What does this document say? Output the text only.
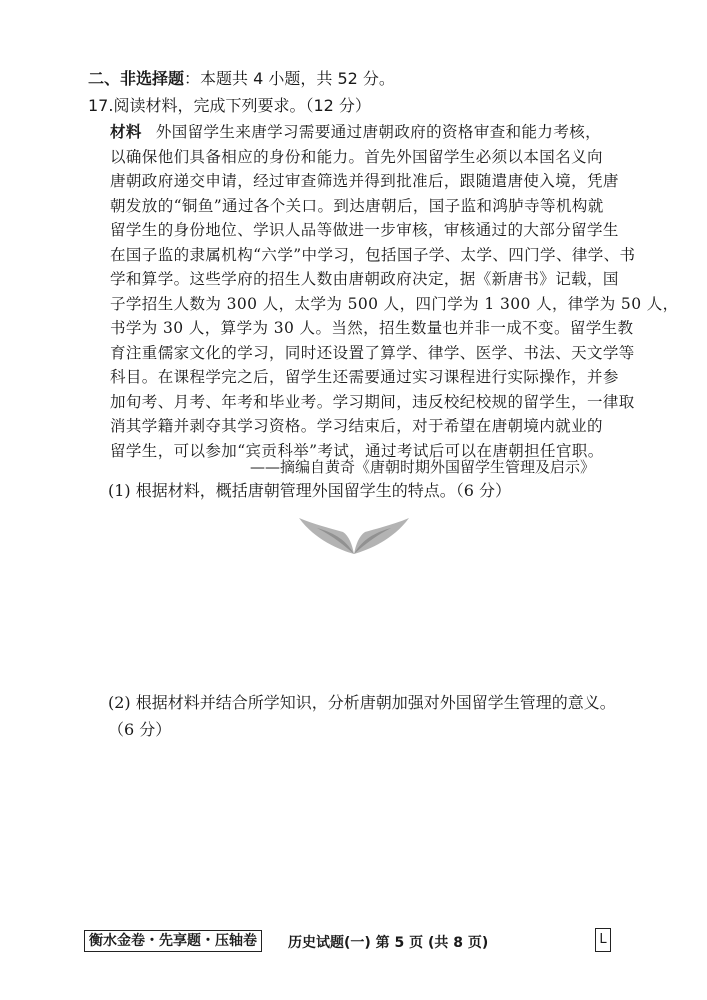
二、非选择题：本题共 4 小题，共 52 分。
17.阅读材料，完成下列要求。（12 分）
材料 外国留学生来唐学习需要通过唐朝政府的资格审查和能力考核，
以确保他们具备相应的身份和能力。首先外国留学生必须以本国名义向
唐朝政府递交申请，经过审查筛选并得到批准后，跟随遣唐使入境，凭唐
朝发放的“铜鱼”通过各个关口。到达唐朝后，国子监和鸿胪寺等机构就
留学生的身份地位、学识人品等做进一步审核，审核通过的大部分留学生
在国子监的隶属机构“六学”中学习，包括国子学、太学、四门学、律学、书
学和算学。这些学府的招生人数由唐朝政府决定，据《新唐书》记载，国
子学招生人数为 300 人，太学为 500 人，四门学为 1 300 人，律学为 50 人，
书学为 30 人，算学为 30 人。当然，招生数量也并非一成不变。留学生教
育注重儒家文化的学习，同时还设置了算学、律学、医学、书法、天文学等
科目。在课程学完之后，留学生还需要通过实习课程进行实际操作，并参
加旬考、月考、年考和毕业考。学习期间，违反校纪校规的留学生，一律取
消其学籍并剥夺其学习资格。学习结束后，对于希望在唐朝境内就业的
留学生，可以参加“宾贡科举”考试，通过考试后可以在唐朝担任官职。
——摘编自黄奇《唐朝时期外国留学生管理及启示》
(1) 根据材料，概括唐朝管理外国留学生的特点。（6 分）
(2) 根据材料并结合所学知识，分析唐朝加强对外国留学生管理的意义。
（6 分）
衡水金卷・先享题・压轴卷	历史试题(一) 第 5 页 (共 8 页)	L
